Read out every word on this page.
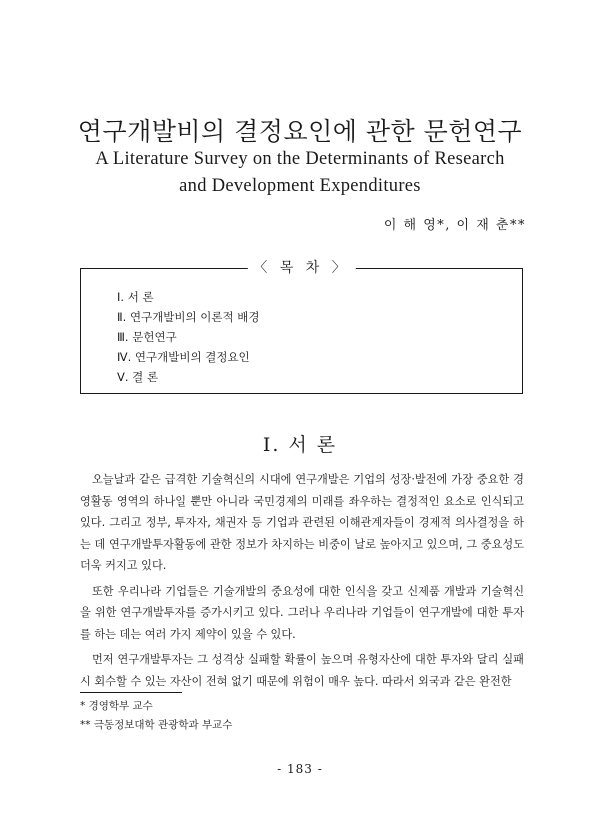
연구개발비의 결정요인에 관한 문헌연구
A Literature Survey on the Determinants of Research
and Development Expenditures
이 해 영*, 이 재 춘**
〈 목 차 〉
Ⅰ. 서 론
Ⅱ. 연구개발비의 이론적 배경
Ⅲ. 문헌연구
Ⅳ. 연구개발비의 결정요인
Ⅴ. 결 론
Ⅰ. 서 론

오늘날과 같은 급격한 기술혁신의 시대에 연구개발은 기업의 성장·발전에 가장 중요한 경영활동 영역의 하나일 뿐만 아니라 국민경제의 미래를 좌우하는 결정적인 요소로 인식되고 있다. 그리고 정부, 투자자, 채권자 등 기업과 관련된 이해관계자들이 경제적 의사결정을 하는 데 연구개발투자활동에 관한 정보가 차지하는 비중이 날로 높아지고 있으며, 그 중요성도 더욱 커지고 있다.

또한 우리나라 기업들은 기술개발의 중요성에 대한 인식을 갖고 신제품 개발과 기술혁신을 위한 연구개발투자를 증가시키고 있다. 그러나 우리나라 기업들이 연구개발에 대한 투자를 하는 데는 여러 가지 제약이 있을 수 있다.

먼저 연구개발투자는 그 성격상 실패할 확률이 높으며 유형자산에 대한 투자와 달리 실패시 회수할 수 있는 자산이 전혀 없기 때문에 위험이 매우 높다. 따라서 외국과 같은 완전한

* 경영학부 교수
** 극동정보대학 관광학과 부교수
- 183 -
